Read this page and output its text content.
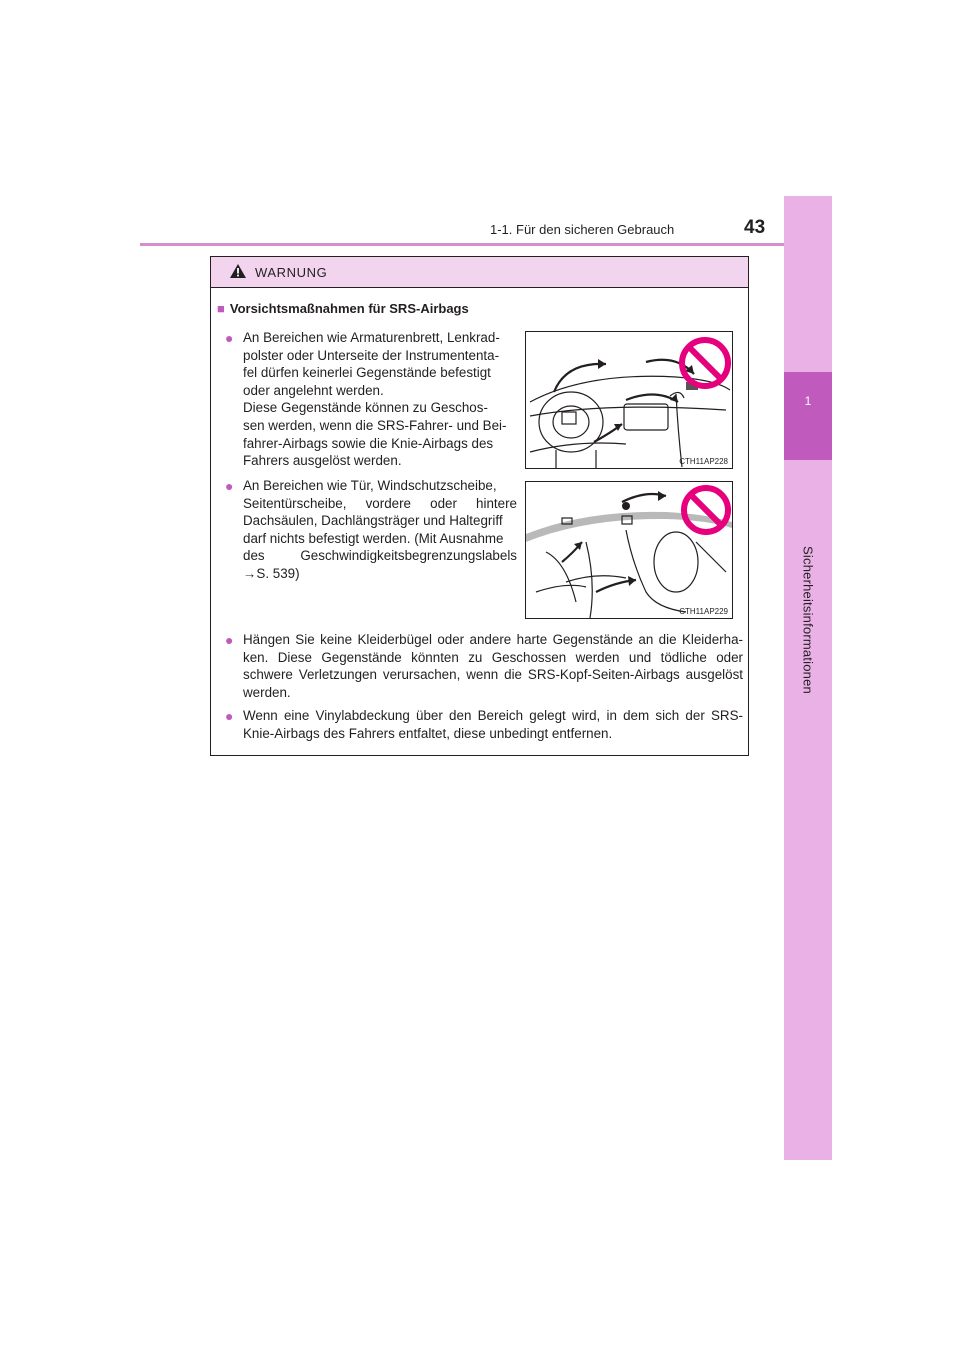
43
1-1. Für den sicheren Gebrauch
1
Sicherheitsinformationen
WARNUNG
■ Vorsichtsmaßnahmen für SRS-Airbags
● An Bereichen wie Armaturenbrett, Lenkrad-
polster oder Unterseite der Instrumententa-
fel dürfen keinerlei Gegenstände befestigt
oder angelehnt werden.
Diese Gegenstände können zu Geschos-
sen werden, wenn die SRS-Fahrer- und Bei-
fahrer-Airbags sowie die Knie-Airbags des
Fahrers ausgelöst werden.	CTH11AP228
● An Bereichen wie Tür, Windschutzscheibe,
Seitentürscheibe, vordere oder hintere
Dachsäulen, Dachlängsträger und Haltegriff
darf nichts befestigt werden. (Mit Ausnahme
des Geschwindigkeitsbegrenzungslabels
→S. 539)
CTH11AP229
● Hängen Sie keine Kleiderbügel oder andere harte Gegenstände an die Kleiderha-
ken. Diese Gegenstände könnten zu Geschossen werden und tödliche oder
schwere Verletzungen verursachen, wenn die SRS-Kopf-Seiten-Airbags ausgelöst
werden.
● Wenn eine Vinylabdeckung über den Bereich gelegt wird, in dem sich der SRS-
Knie-Airbags des Fahrers entfaltet, diese unbedingt entfernen.
